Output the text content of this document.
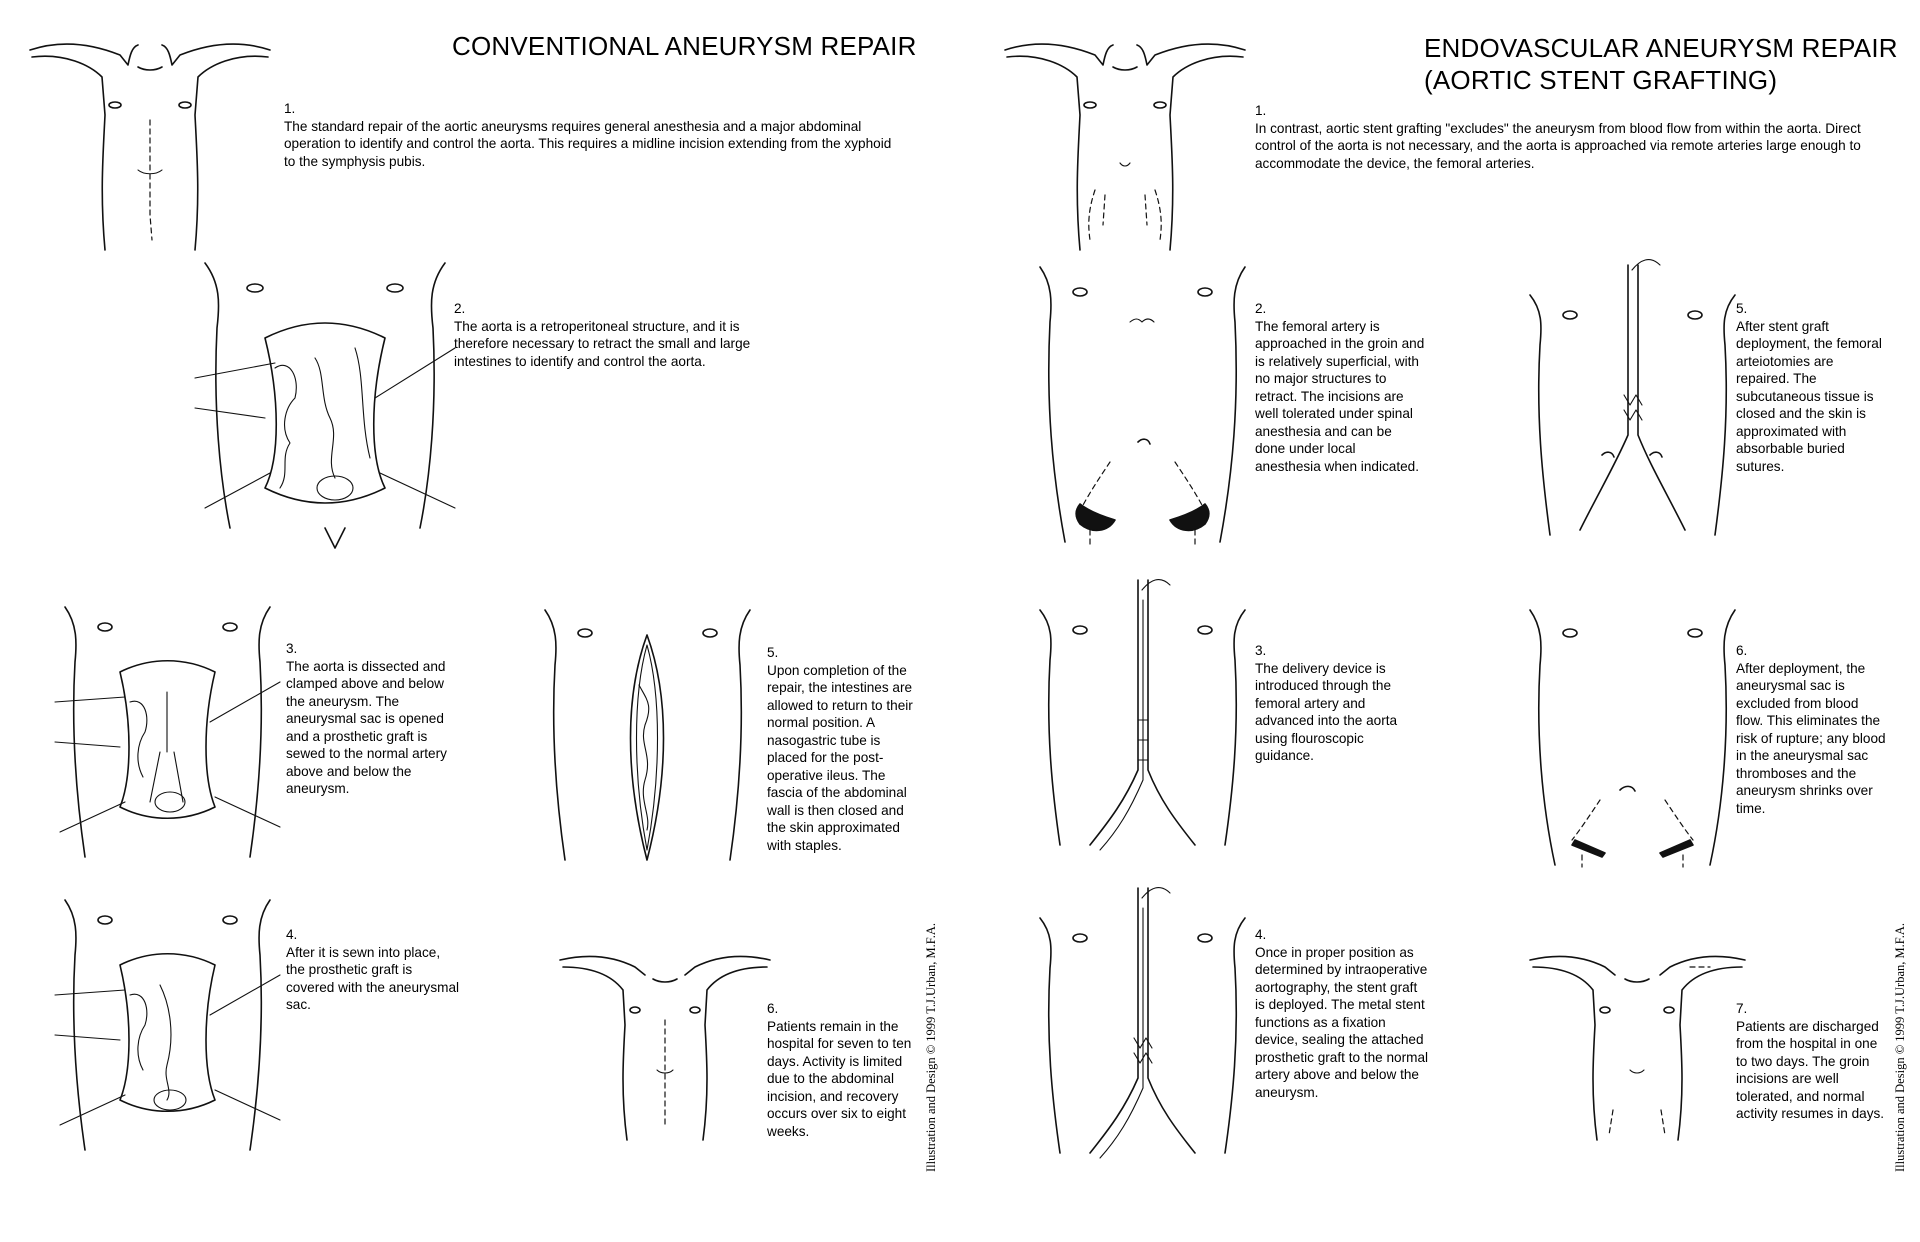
CONVENTIONAL ANEURYSM REPAIR	ENDOVASCULAR ANEURYSM REPAIR
(AORTIC STENT GRAFTING)
1.
The standard repair of the aortic aneurysms requires general anesthesia and a major abdominal operation to identify and control the aorta. This requires a midline incision extending from the xyphoid to the symphysis pubis.
2.
The aorta is a retroperitoneal structure, and it is therefore necessary to retract the small and large intestines to identify and control the aorta.
3.
The aorta is dissected and clamped above and below the aneurysm. The aneurysmal sac is opened and a prosthetic graft is sewed to the normal artery above and below the aneurysm.
4.
After it is sewn into place, the prosthetic graft is covered with the aneurysmal sac.
5.
Upon completion of the repair, the intestines are allowed to return to their normal position. A nasogastric tube is placed for the post-operative ileus. The fascia of the abdominal wall is then closed and the skin approximated with staples.
6.
Patients remain in the hospital for seven to ten days. Activity is limited due to the abdominal incision, and recovery occurs over six to eight weeks.
1.
In contrast, aortic stent grafting "excludes" the aneurysm from blood flow from within the aorta. Direct control of the aorta is not necessary, and the aorta is approached via remote arteries large enough to accommodate the device, the femoral arteries.
2.
The femoral artery is approached in the groin and is relatively superficial, with no major structures to retract. The incisions are well tolerated under spinal anesthesia and can be done under local anesthesia when indicated.
3.
The delivery device is introduced through the femoral artery and advanced into the aorta using flouroscopic guidance.
4.
Once in proper position as determined by intraoperative aortography, the stent graft is deployed. The metal stent functions as a fixation device, sealing the attached prosthetic graft to the normal artery above and below the aneurysm.
5.
After stent graft deployment, the femoral arteiotomies are repaired. The subcutaneous tissue is closed and the skin is approximated with absorbable buried sutures.
6.
After deployment, the aneurysmal sac is excluded from blood flow. This eliminates the risk of rupture; any blood in the aneurysmal sac thromboses and the aneurysm shrinks over time.
7.
Patients are discharged from the hospital in one to two days. The groin incisions are well tolerated, and normal activity resumes in days.
Illustration and Design © 1999 T.J.Urban, M.F.A.	Illustration and Design © 1999 T.J.Urban, M.F.A.
